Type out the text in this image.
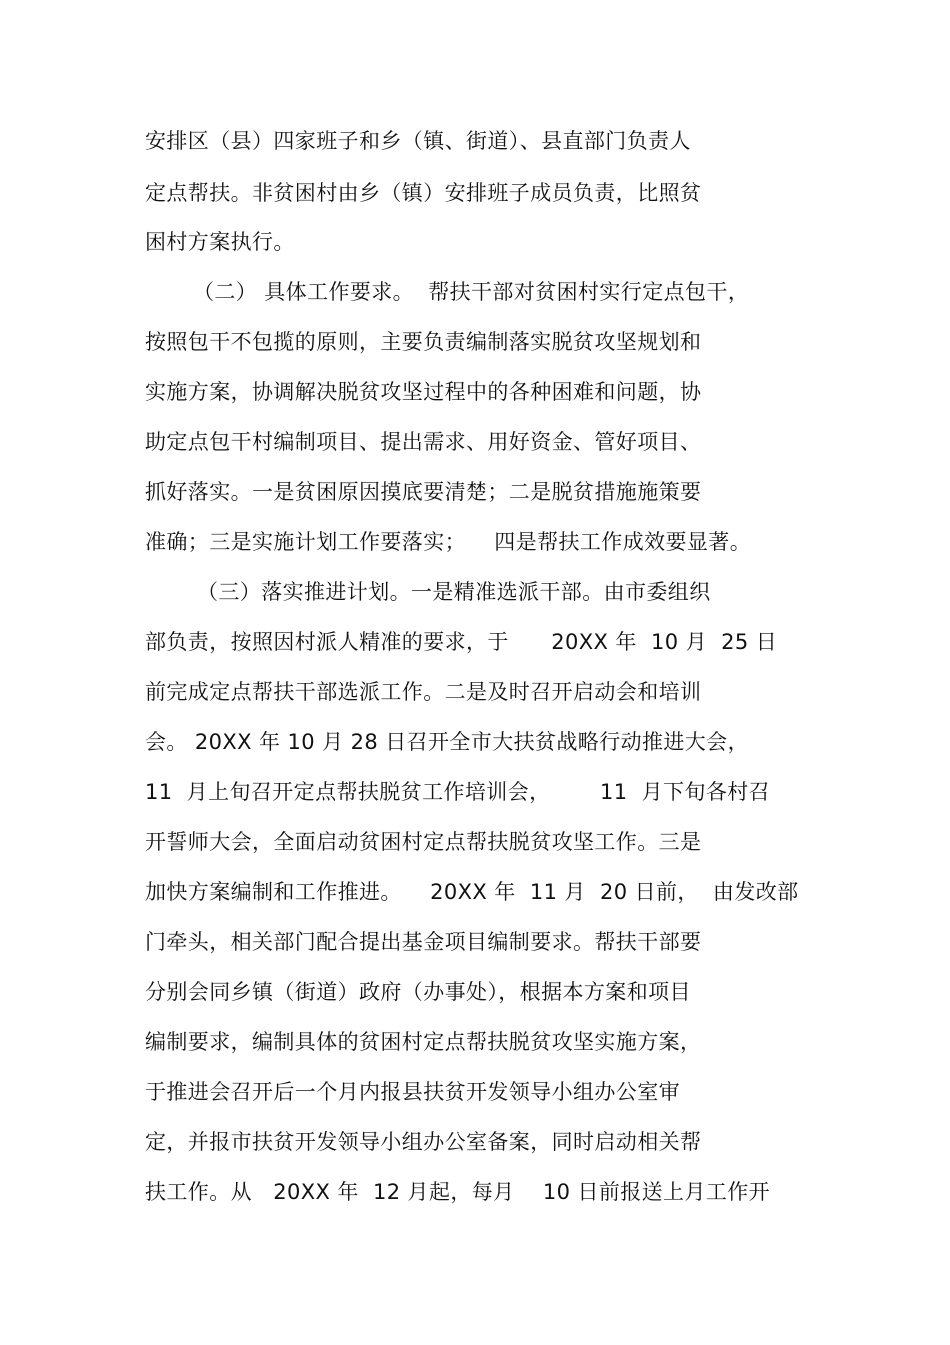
安排区（县）四家班子和乡（镇、街道）、县直部门负责人
定点帮扶。非贫困村由乡（镇）安排班子成员负责，比照贫
困村方案执行。
（二） 具体工作要求。  帮扶干部对贫困村实行定点包干，
按照包干不包揽的原则，主要负责编制落实脱贫攻坚规划和
实施方案，协调解决脱贫攻坚过程中的各种困难和问题，协
助定点包干村编制项目、提出需求、用好资金、管好项目、
抓好落实。一是贫困原因摸底要清楚；二是脱贫措施施策要
准确；三是实施计划工作要落实；    四是帮扶工作成效要显著。
（三）落实推进计划。一是精准选派干部。由市委组织
部负责，按照因村派人精准的要求，于      20XX 年  10 月  25 日
前完成定点帮扶干部选派工作。二是及时召开启动会和培训
会。 20XX 年 10 月 28 日召开全市大扶贫战略行动推进大会，
11  月上旬召开定点帮扶脱贫工作培训会，       11  月下旬各村召
开誓师大会，全面启动贫困村定点帮扶脱贫攻坚工作。三是
加快方案编制和工作推进。    20XX 年  11 月  20 日前，  由发改部
门牵头，相关部门配合提出基金项目编制要求。帮扶干部要
分别会同乡镇（街道）政府（办事处），根据本方案和项目
编制要求，编制具体的贫困村定点帮扶脱贫攻坚实施方案，
于推进会召开后一个月内报县扶贫开发领导小组办公室审
定，并报市扶贫开发领导小组办公室备案，同时启动相关帮
扶工作。从   20XX 年  12 月起，每月    10 日前报送上月工作开
